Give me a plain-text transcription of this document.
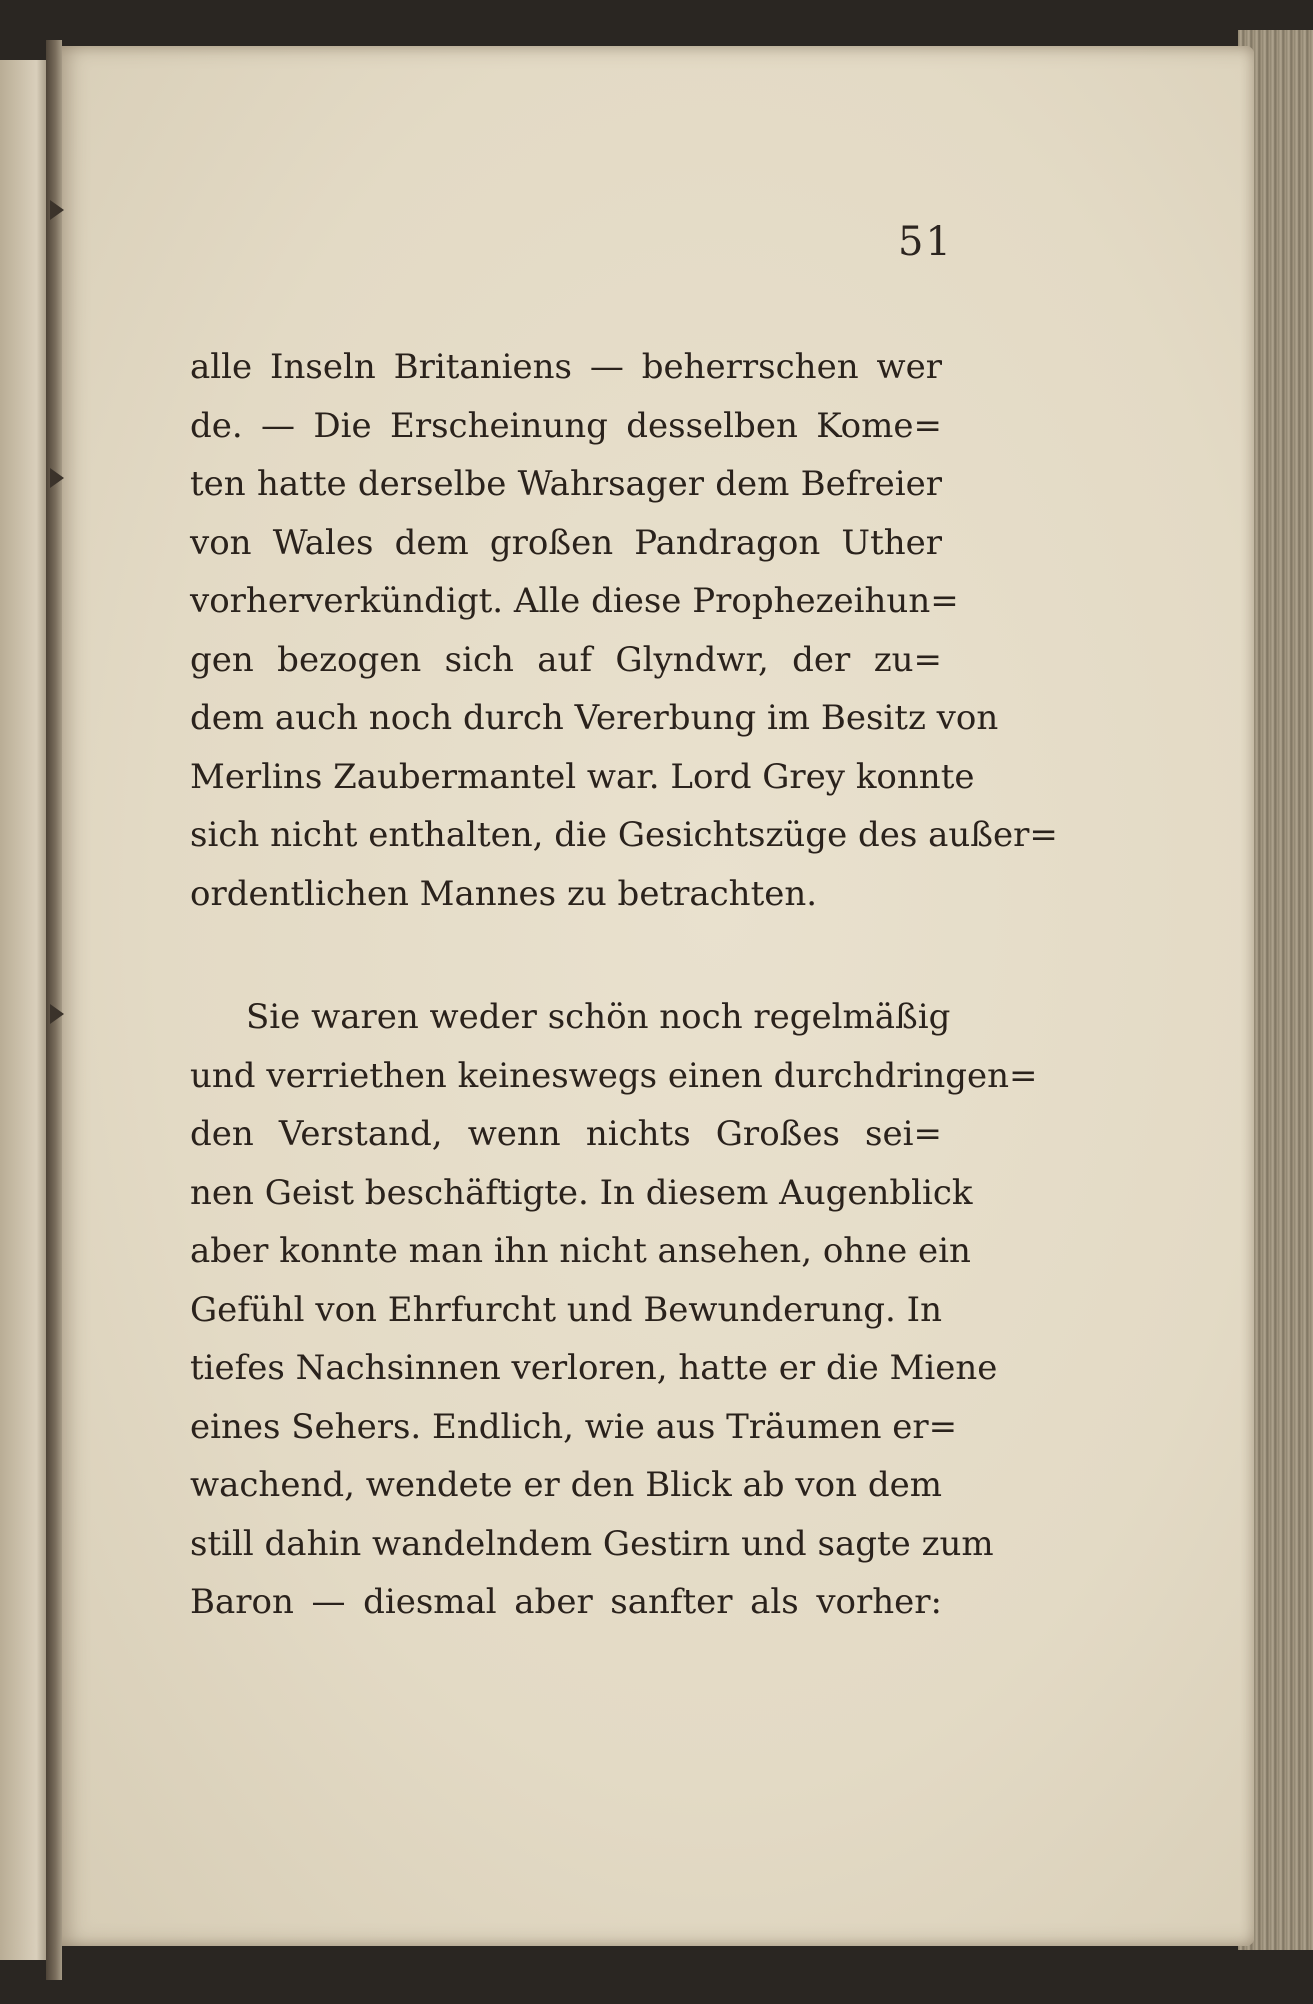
51

alle Inseln Britaniens — beherrschen wer
de. — Die Erscheinung desselben Kome=
ten hatte derselbe Wahrsager dem Befreier
von Wales dem großen Pandragon Uther
vorherverkündigt. Alle diese Prophezeihun=
gen bezogen sich auf Glyndwr, der zu=
dem auch noch durch Vererbung im Besitz von
Merlins Zaubermantel war. Lord Grey konnte
sich nicht enthalten, die Gesichtszüge des außer=
ordentlichen Mannes zu betrachten.
Sie waren weder schön noch regelmäßig
und verriethen keineswegs einen durchdringen=
den Verstand, wenn nichts Großes sei=
nen Geist beschäftigte. In diesem Augenblick
aber konnte man ihn nicht ansehen, ohne ein
Gefühl von Ehrfurcht und Bewunderung. In
tiefes Nachsinnen verloren, hatte er die Miene
eines Sehers. Endlich, wie aus Träumen er=
wachend, wendete er den Blick ab von dem
still dahin wandelndem Gestirn und sagte zum
Baron — diesmal aber sanfter als vorher:
